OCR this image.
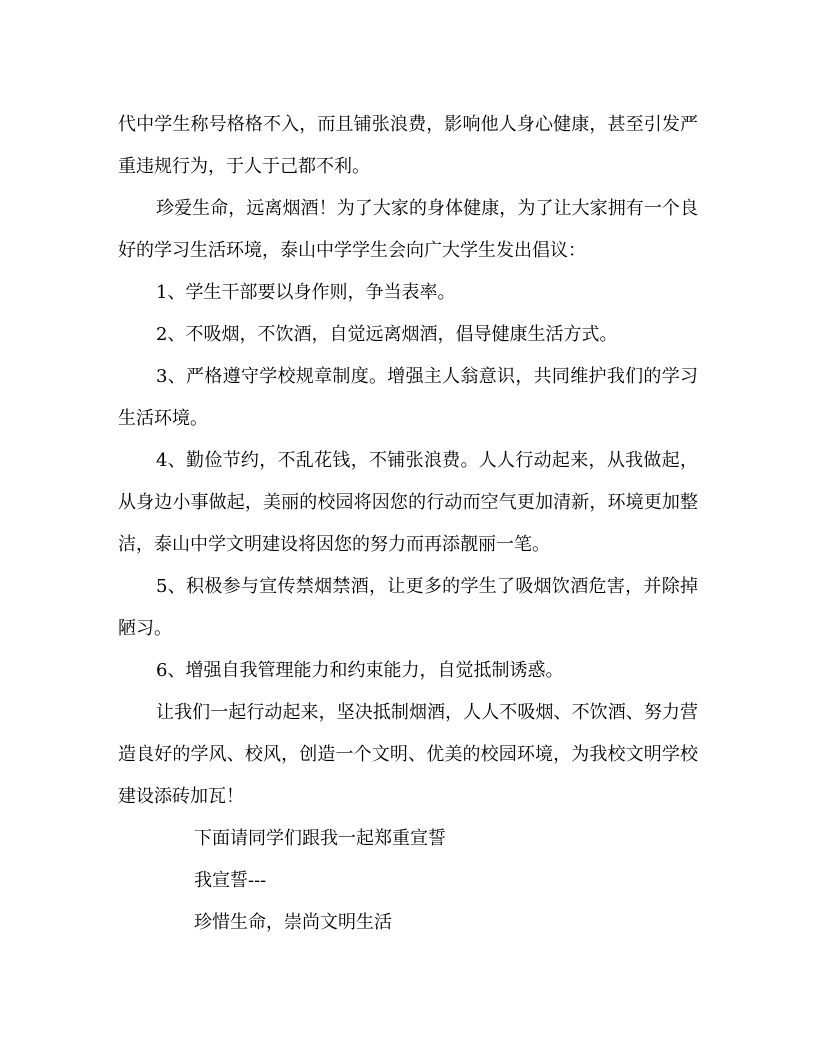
代中学生称号格格不入，而且铺张浪费，影响他人身心健康，甚至引发严重违规行为，于人于己都不利。

珍爱生命，远离烟酒！为了大家的身体健康，为了让大家拥有一个良好的学习生活环境，泰山中学学生会向广大学生发出倡议：

1、学生干部要以身作则，争当表率。

2、不吸烟，不饮酒，自觉远离烟酒，倡导健康生活方式。

3、严格遵守学校规章制度。增强主人翁意识，共同维护我们的学习生活环境。

4、勤俭节约，不乱花钱，不铺张浪费。人人行动起来，从我做起，从身边小事做起，美丽的校园将因您的行动而空气更加清新，环境更加整洁，泰山中学文明建设将因您的努力而再添靓丽一笔。

5、积极参与宣传禁烟禁酒，让更多的学生了吸烟饮酒危害，并除掉陋习。

6、增强自我管理能力和约束能力，自觉抵制诱惑。

让我们一起行动起来，坚决抵制烟酒，人人不吸烟、不饮酒、努力营造良好的学风、校风，创造一个文明、优美的校园环境，为我校文明学校建设添砖加瓦！

下面请同学们跟我一起郑重宣誓

我宣誓---

珍惜生命，崇尚文明生活
